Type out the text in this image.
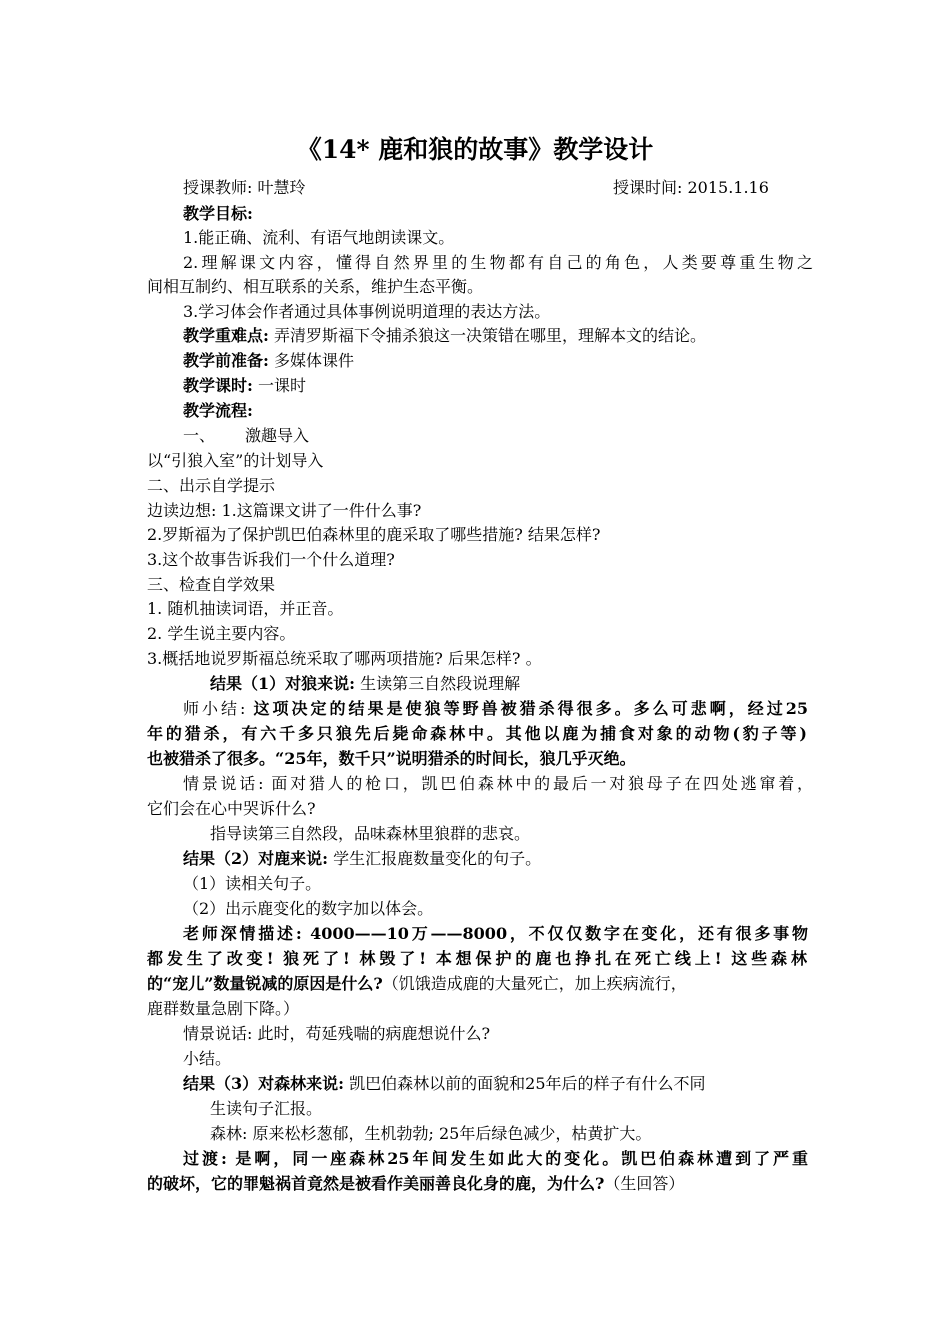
《14* 鹿和狼的故事》教学设计
授课教师: 叶慧玲	授课时间: 2015.1.16
教学目标:
1.能正确、流利、有语气地朗读课文。
2.理解课文内容，懂得自然界里的生物都有自己的角色，人类要尊重生物之
间相互制约、相互联系的关系，维护生态平衡。
3.学习体会作者通过具体事例说明道理的表达方法。
教学重难点: 弄清罗斯福下令捕杀狼这一决策错在哪里，理解本文的结论。
教学前准备: 多媒体课件
教学课时: 一课时
教学流程:
一、 激趣导入
以“引狼入室”的计划导入
二、出示自学提示
边读边想: 1.这篇课文讲了一件什么事?
2.罗斯福为了保护凯巴伯森林里的鹿采取了哪些措施? 结果怎样?
3.这个故事告诉我们一个什么道理?
三、检查自学效果
1. 随机抽读词语，并正音。
2. 学生说主要内容。
3.概括地说罗斯福总统采取了哪两项措施? 后果怎样? 。
结果（1）对狼来说: 生读第三自然段说理解
师小结: 这项决定的结果是使狼等野兽被猎杀得很多。多么可悲啊，经过25
年的猎杀，有六千多只狼先后毙命森林中。其他以鹿为捕食对象的动物(豹子等)
也被猎杀了很多。“25年，数千只”说明猎杀的时间长，狼几乎灭绝。
情景说话: 面对猎人的枪口，凯巴伯森林中的最后一对狼母子在四处逃窜着，
它们会在心中哭诉什么?
指导读第三自然段，品味森林里狼群的悲哀。
结果（2）对鹿来说: 学生汇报鹿数量变化的句子。
（1）读相关句子。
（2）出示鹿变化的数字加以体会。
老师深情描述: 4000——10万——8000，不仅仅数字在变化，还有很多事物
都发生了改变! 狼死了! 林毁了! 本想保护的鹿也挣扎在死亡线上! 这些森林
的“宠儿”数量锐减的原因是什么?（饥饿造成鹿的大量死亡，加上疾病流行，
鹿群数量急剧下降。）
情景说话: 此时，苟延残喘的病鹿想说什么?
小结。
结果（3）对森林来说: 凯巴伯森林以前的面貌和25年后的样子有什么不同
生读句子汇报。
森林: 原来松杉葱郁，生机勃勃; 25年后绿色减少，枯黄扩大。
过渡: 是啊，同一座森林25年间发生如此大的变化。凯巴伯森林遭到了严重
的破坏，它的罪魁祸首竟然是被看作美丽善良化身的鹿，为什么?（生回答）
